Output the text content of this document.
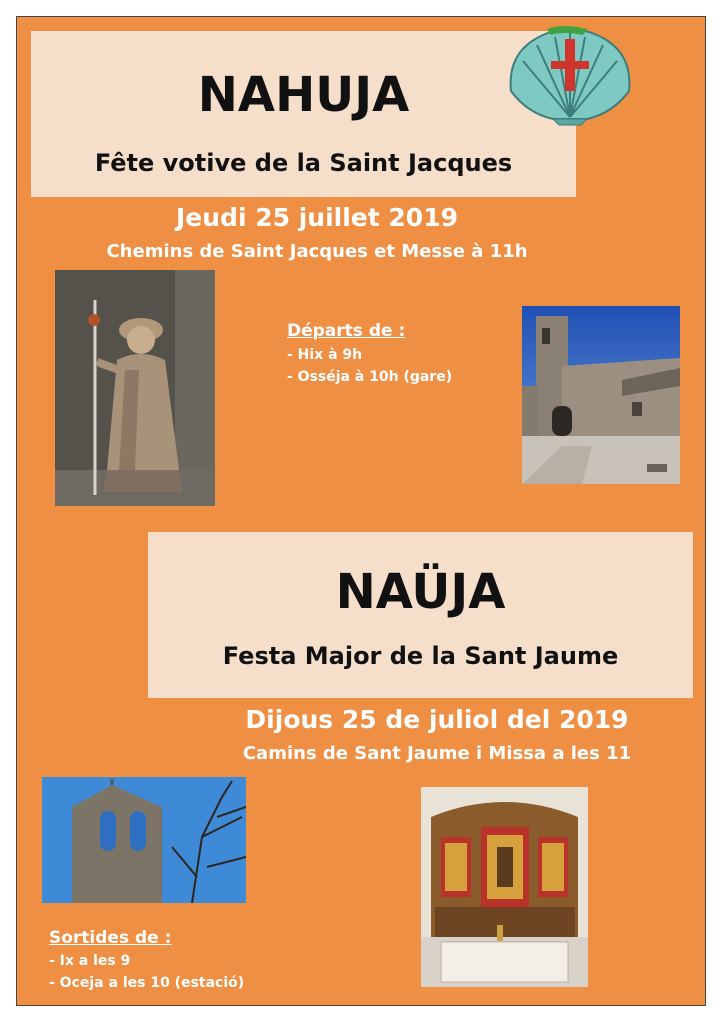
NAHUJA
Fête votive de la Saint Jacques
Jeudi 25 juillet 2019
Chemins de Saint Jacques et Messe à 11h
Départs de :
- Hix à 9h
- Osséja à 10h (gare)
NAÜJA
Festa Major de la Sant Jaume
Dijous 25 de juliol del 2019
Camins de Sant Jaume i Missa a les 11
Sortides de :
- Ix a les 9
- Oceja a les 10 (estació)
